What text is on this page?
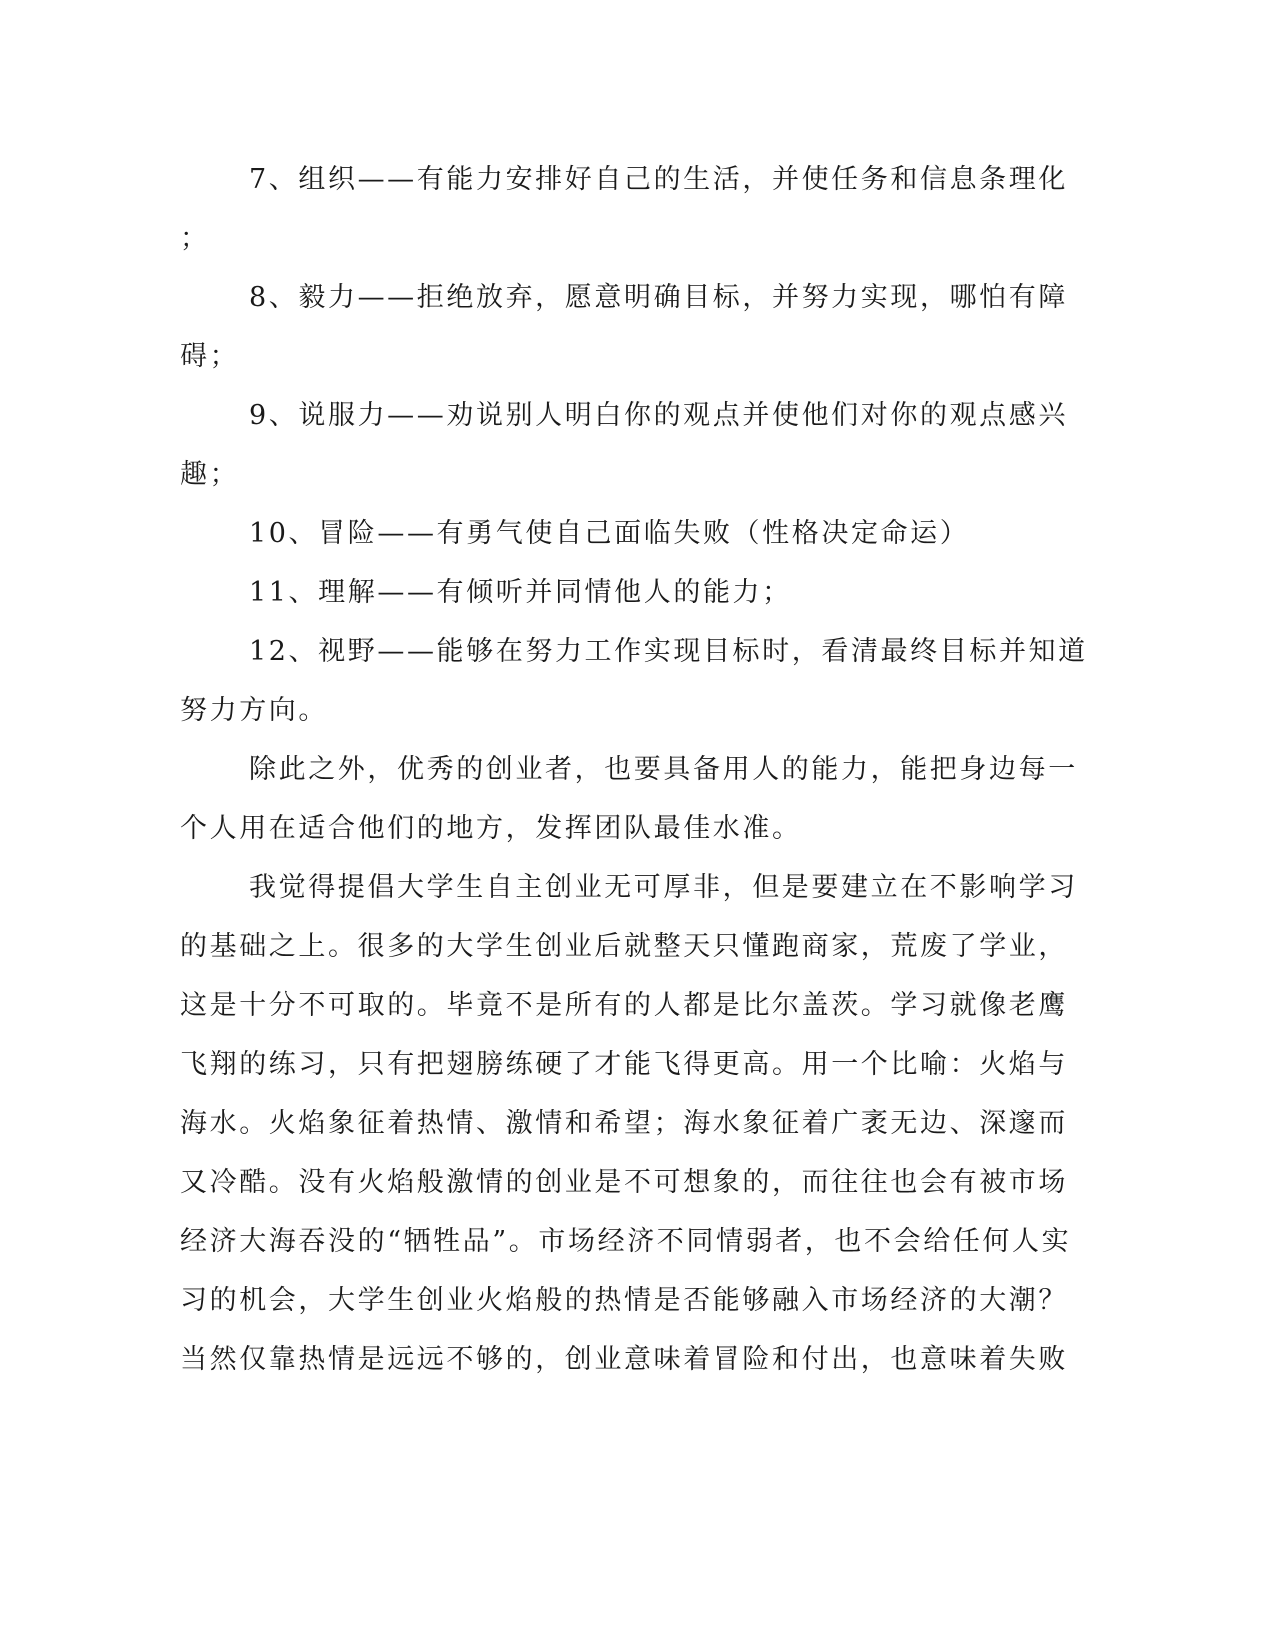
7、组织——有能力安排好自己的生活，并使任务和信息条理化

；

8、毅力——拒绝放弃，愿意明确目标，并努力实现，哪怕有障

碍；

9、说服力——劝说别人明白你的观点并使他们对你的观点感兴

趣；

10、冒险——有勇气使自己面临失败（性格决定命运）

11、理解——有倾听并同情他人的能力；

12、视野——能够在努力工作实现目标时，看清最终目标并知道

努力方向。

除此之外，优秀的创业者，也要具备用人的能力，能把身边每一

个人用在适合他们的地方，发挥团队最佳水准。

我觉得提倡大学生自主创业无可厚非，但是要建立在不影响学习

的基础之上。很多的大学生创业后就整天只懂跑商家，荒废了学业，

这是十分不可取的。毕竟不是所有的人都是比尔盖茨。学习就像老鹰

飞翔的练习，只有把翅膀练硬了才能飞得更高。用一个比喻：火焰与

海水。火焰象征着热情、激情和希望；海水象征着广袤无边、深邃而

又冷酷。没有火焰般激情的创业是不可想象的，而往往也会有被市场

经济大海吞没的“牺牲品”。市场经济不同情弱者，也不会给任何人实

习的机会，大学生创业火焰般的热情是否能够融入市场经济的大潮？

当然仅靠热情是远远不够的，创业意味着冒险和付出，也意味着失败
